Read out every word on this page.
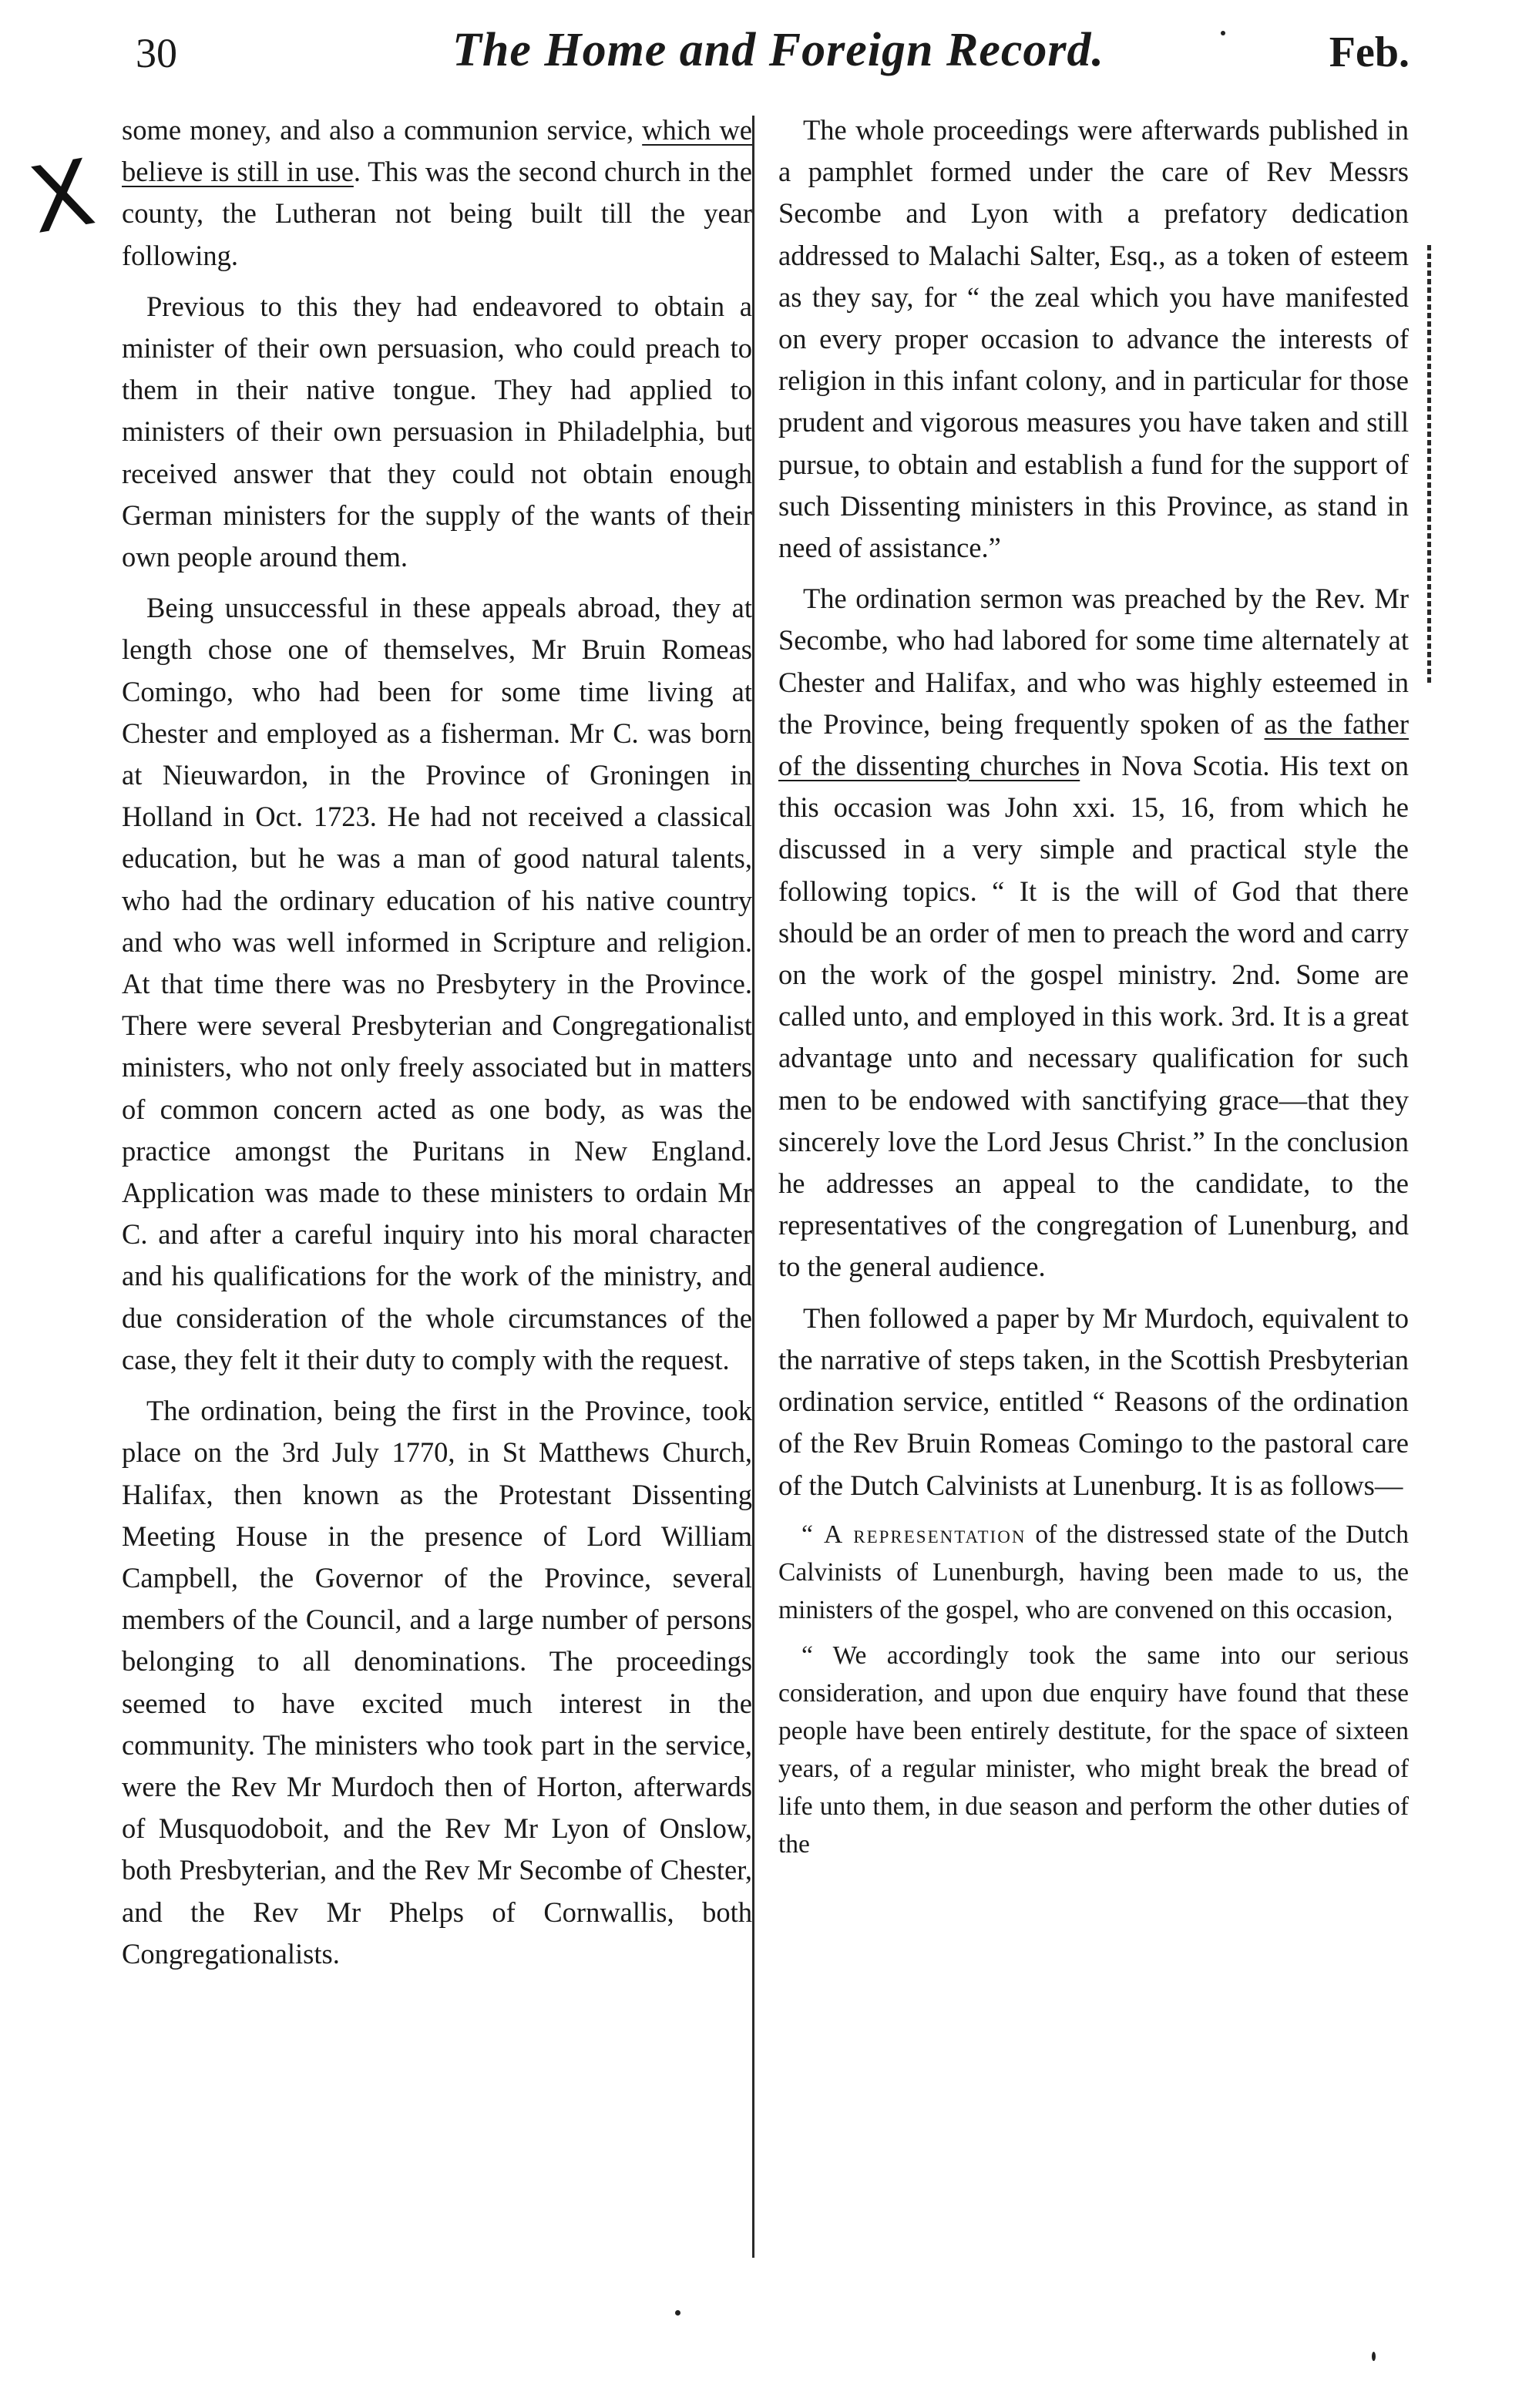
30	The Home and Foreign Record.	Feb.
X

some money, and also a communion service, which we believe is still in use. This was the second church in the county, the Lutheran not being built till the year following.

Previous to this they had endeavored to obtain a minister of their own persuasion, who could preach to them in their native tongue. They had applied to ministers of their own persuasion in Philadelphia, but received answer that they could not obtain enough German ministers for the supply of the wants of their own people around them.

Being unsuccessful in these appeals abroad, they at length chose one of themselves, Mr Bruin Romeas Comingo, who had been for some time living at Chester and employed as a fisherman. Mr C. was born at Nieuwardon, in the Province of Groningen in Holland in Oct. 1723. He had not received a classical education, but he was a man of good natural talents, who had the ordinary education of his native country and who was well informed in Scripture and religion. At that time there was no Presbytery in the Province. There were several Presbyterian and Congregationalist ministers, who not only freely associated but in matters of common concern acted as one body, as was the practice amongst the Puritans in New England. Application was made to these ministers to ordain Mr C. and after a careful inquiry into his moral character and his qualifications for the work of the ministry, and due consideration of the whole circumstances of the case, they felt it their duty to comply with the request.

The ordination, being the first in the Province, took place on the 3rd July 1770, in St Matthews Church, Halifax, then known as the Protestant Dissenting Meeting House in the presence of Lord William Campbell, the Governor of the Province, several members of the Council, and a large number of persons belonging to all denominations. The proceedings seemed to have excited much interest in the community. The ministers who took part in the service, were the Rev Mr Murdoch then of Horton, afterwards of Musquodoboit, and the Rev Mr Lyon of Onslow, both Presbyterian, and the Rev Mr Secombe of Chester, and the Rev Mr Phelps of Cornwallis, both Congregationalists.

The whole proceedings were afterwards published in a pamphlet formed under the care of Rev Messrs Secombe and Lyon with a prefatory dedication addressed to Malachi Salter, Esq., as a token of esteem as they say, for “ the zeal which you have manifested on every proper occasion to advance the interests of religion in this infant colony, and in particular for those prudent and vigorous measures you have taken and still pursue, to obtain and establish a fund for the support of such Dissenting ministers in this Province, as stand in need of assistance.”

The ordination sermon was preached by the Rev. Mr Secombe, who had labored for some time alternately at Chester and Halifax, and who was highly esteemed in the Province, being frequently spoken of as the father of the dissenting churches in Nova Scotia. His text on this occasion was John xxi. 15, 16, from which he discussed in a very simple and practical style the following topics. “ It is the will of God that there should be an order of men to preach the word and carry on the work of the gospel ministry. 2nd. Some are called unto, and employed in this work. 3rd. It is a great advantage unto and necessary qualification for such men to be endowed with sanctifying grace—that they sincerely love the Lord Jesus Christ.” In the conclusion he addresses an appeal to the candidate, to the representatives of the congregation of Lunenburg, and to the general audience.

Then followed a paper by Mr Murdoch, equivalent to the narrative of steps taken, in the Scottish Presbyterian ordination service, entitled “ Reasons of the ordination of the Rev Bruin Romeas Comingo to the pastoral care of the Dutch Calvinists at Lunenburg. It is as follows—

“ A representation of the distressed state of the Dutch Calvinists of Lunenburgh, having been made to us, the ministers of the gospel, who are convened on this occasion,

“ We accordingly took the same into our serious consideration, and upon due enquiry have found that these people have been entirely destitute, for the space of sixteen years, of a regular minister, who might break the bread of life unto them, in due season and perform the other duties of the
